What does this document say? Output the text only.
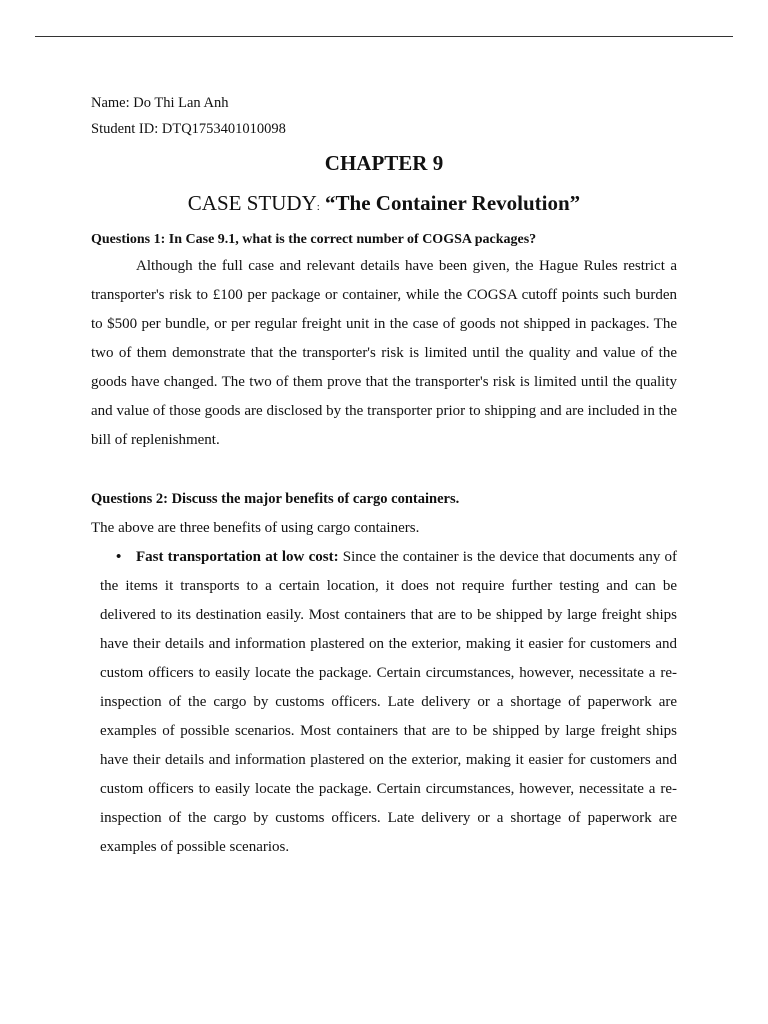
Name: Do Thi Lan Anh

Student ID: DTQ1753401010098

CHAPTER 9
CASE STUDY: “The Container Revolution”

Questions 1: In Case 9.1, what is the correct number of COGSA packages?

Although the full case and relevant details have been given, the Hague Rules restrict a transporter's risk to £100 per package or container, while the COGSA cutoff points such burden to $500 per bundle, or per regular freight unit in the case of goods not shipped in packages. The two of them demonstrate that the transporter's risk is limited until the quality and value of the goods have changed. The two of them prove that the transporter's risk is limited until the quality and value of those goods are disclosed by the transporter prior to shipping and are included in the bill of replenishment.

Questions 2: Discuss the major benefits of cargo containers.

The above are three benefits of using cargo containers.

• Fast transportation at low cost: Since the container is the device that documents any of the items it transports to a certain location, it does not require further testing and can be delivered to its destination easily. Most containers that are to be shipped by large freight ships have their details and information plastered on the exterior, making it easier for customers and custom officers to easily locate the package. Certain circumstances, however, necessitate a re-inspection of the cargo by customs officers. Late delivery or a shortage of paperwork are examples of possible scenarios. Most containers that are to be shipped by large freight ships have their details and information plastered on the exterior, making it easier for customers and custom officers to easily locate the package. Certain circumstances, however, necessitate a re-inspection of the cargo by customs officers. Late delivery or a shortage of paperwork are examples of possible scenarios.
